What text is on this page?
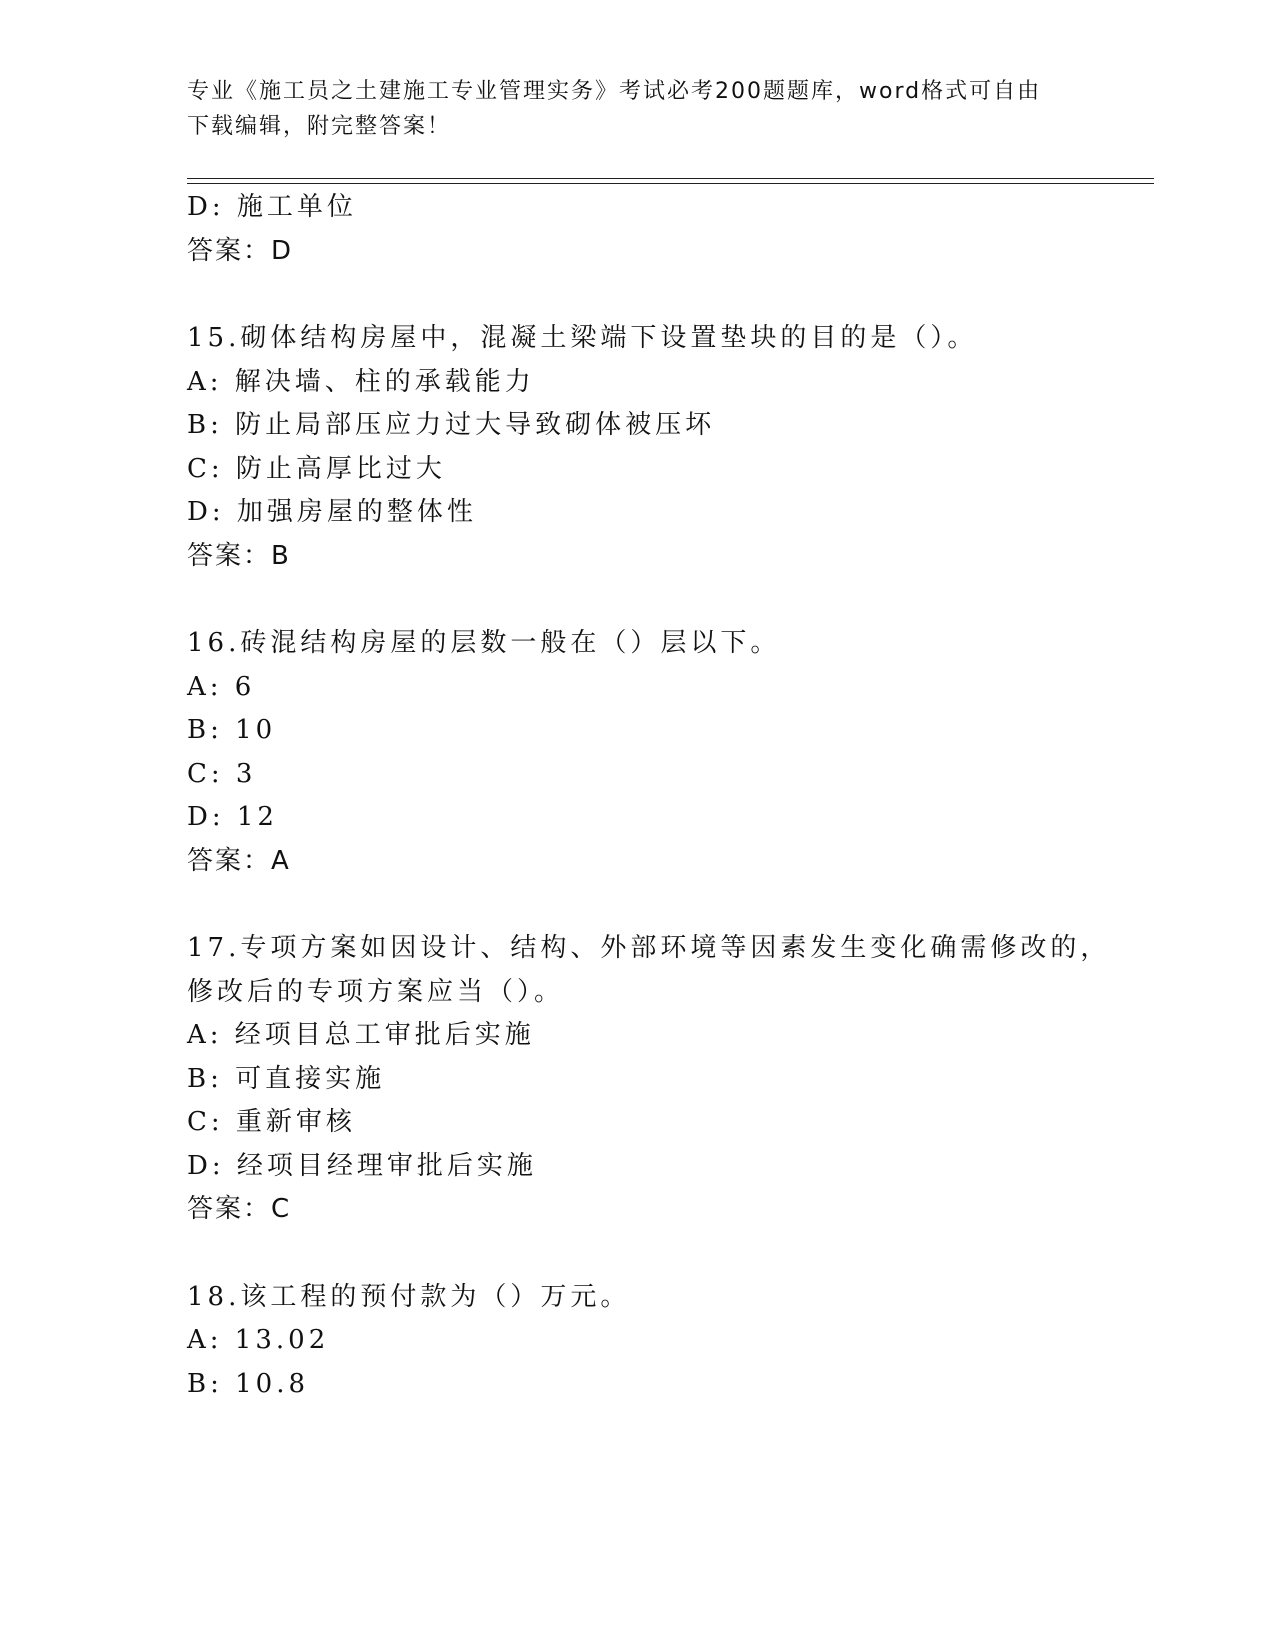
专业《施工员之土建施工专业管理实务》考试必考200题题库，word格式可自由
下载编辑，附完整答案！
D: 施工单位
答案：D
15.砌体结构房屋中，混凝土梁端下设置垫块的目的是（）。
A: 解决墙、柱的承载能力
B: 防止局部压应力过大导致砌体被压坏
C: 防止高厚比过大
D: 加强房屋的整体性
答案：B
16.砖混结构房屋的层数一般在（）层以下。
A: 6
B: 10
C: 3
D: 12
答案：A
17.专项方案如因设计、结构、外部环境等因素发生变化确需修改的，
修改后的专项方案应当（）。
A: 经项目总工审批后实施
B: 可直接实施
C: 重新审核
D: 经项目经理审批后实施
答案：C
18.该工程的预付款为（）万元。
A: 13.02
B: 10.8
